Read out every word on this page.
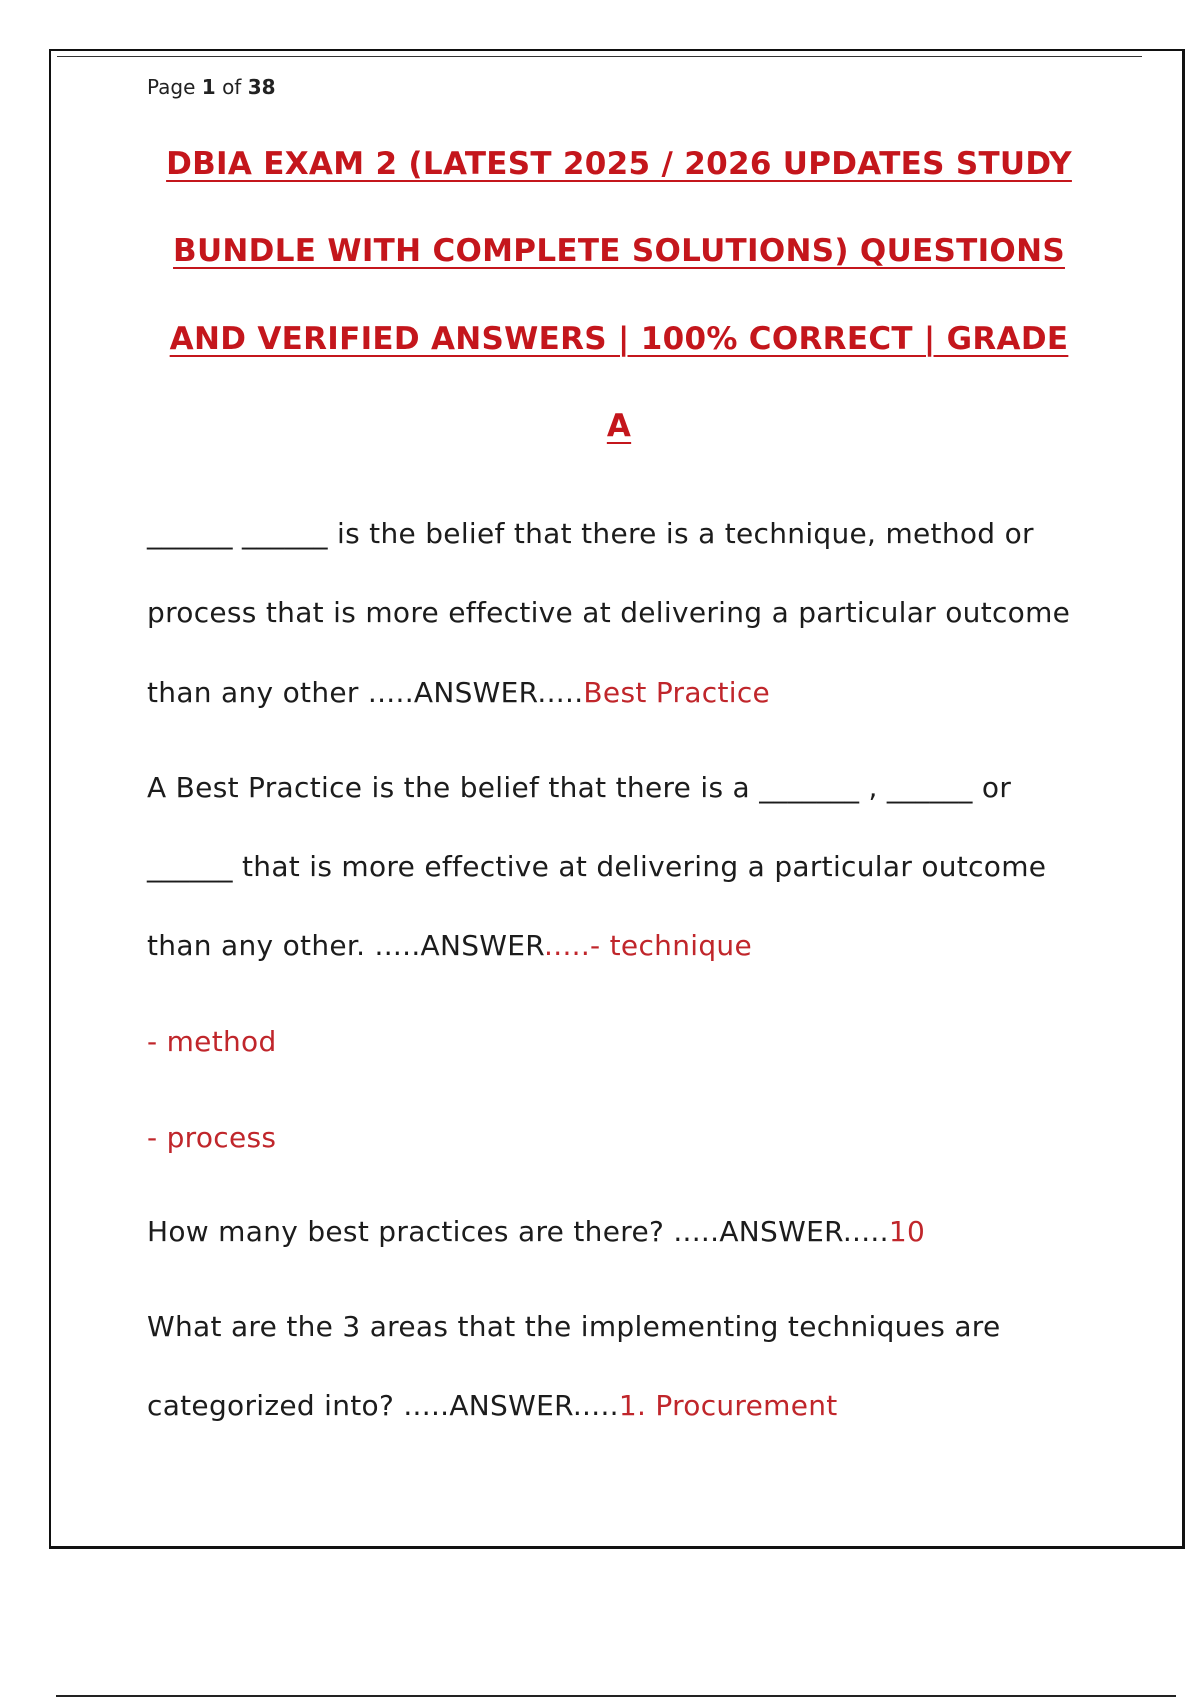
Page 1 of 38
DBIA EXAM 2 (LATEST 2025 / 2026 UPDATES STUDY
BUNDLE WITH COMPLETE SOLUTIONS) QUESTIONS
AND VERIFIED ANSWERS | 100% CORRECT | GRADE
A
______ ______ is the belief that there is a technique, method or
process that is more effective at delivering a particular outcome
than any other .....ANSWER.....Best Practice
A Best Practice is the belief that there is a _______ , ______ or
______ that is more effective at delivering a particular outcome
than any other. .....ANSWER.....- technique
- method
- process
How many best practices are there? .....ANSWER.....10
What are the 3 areas that the implementing techniques are
categorized into? .....ANSWER.....1. Procurement
